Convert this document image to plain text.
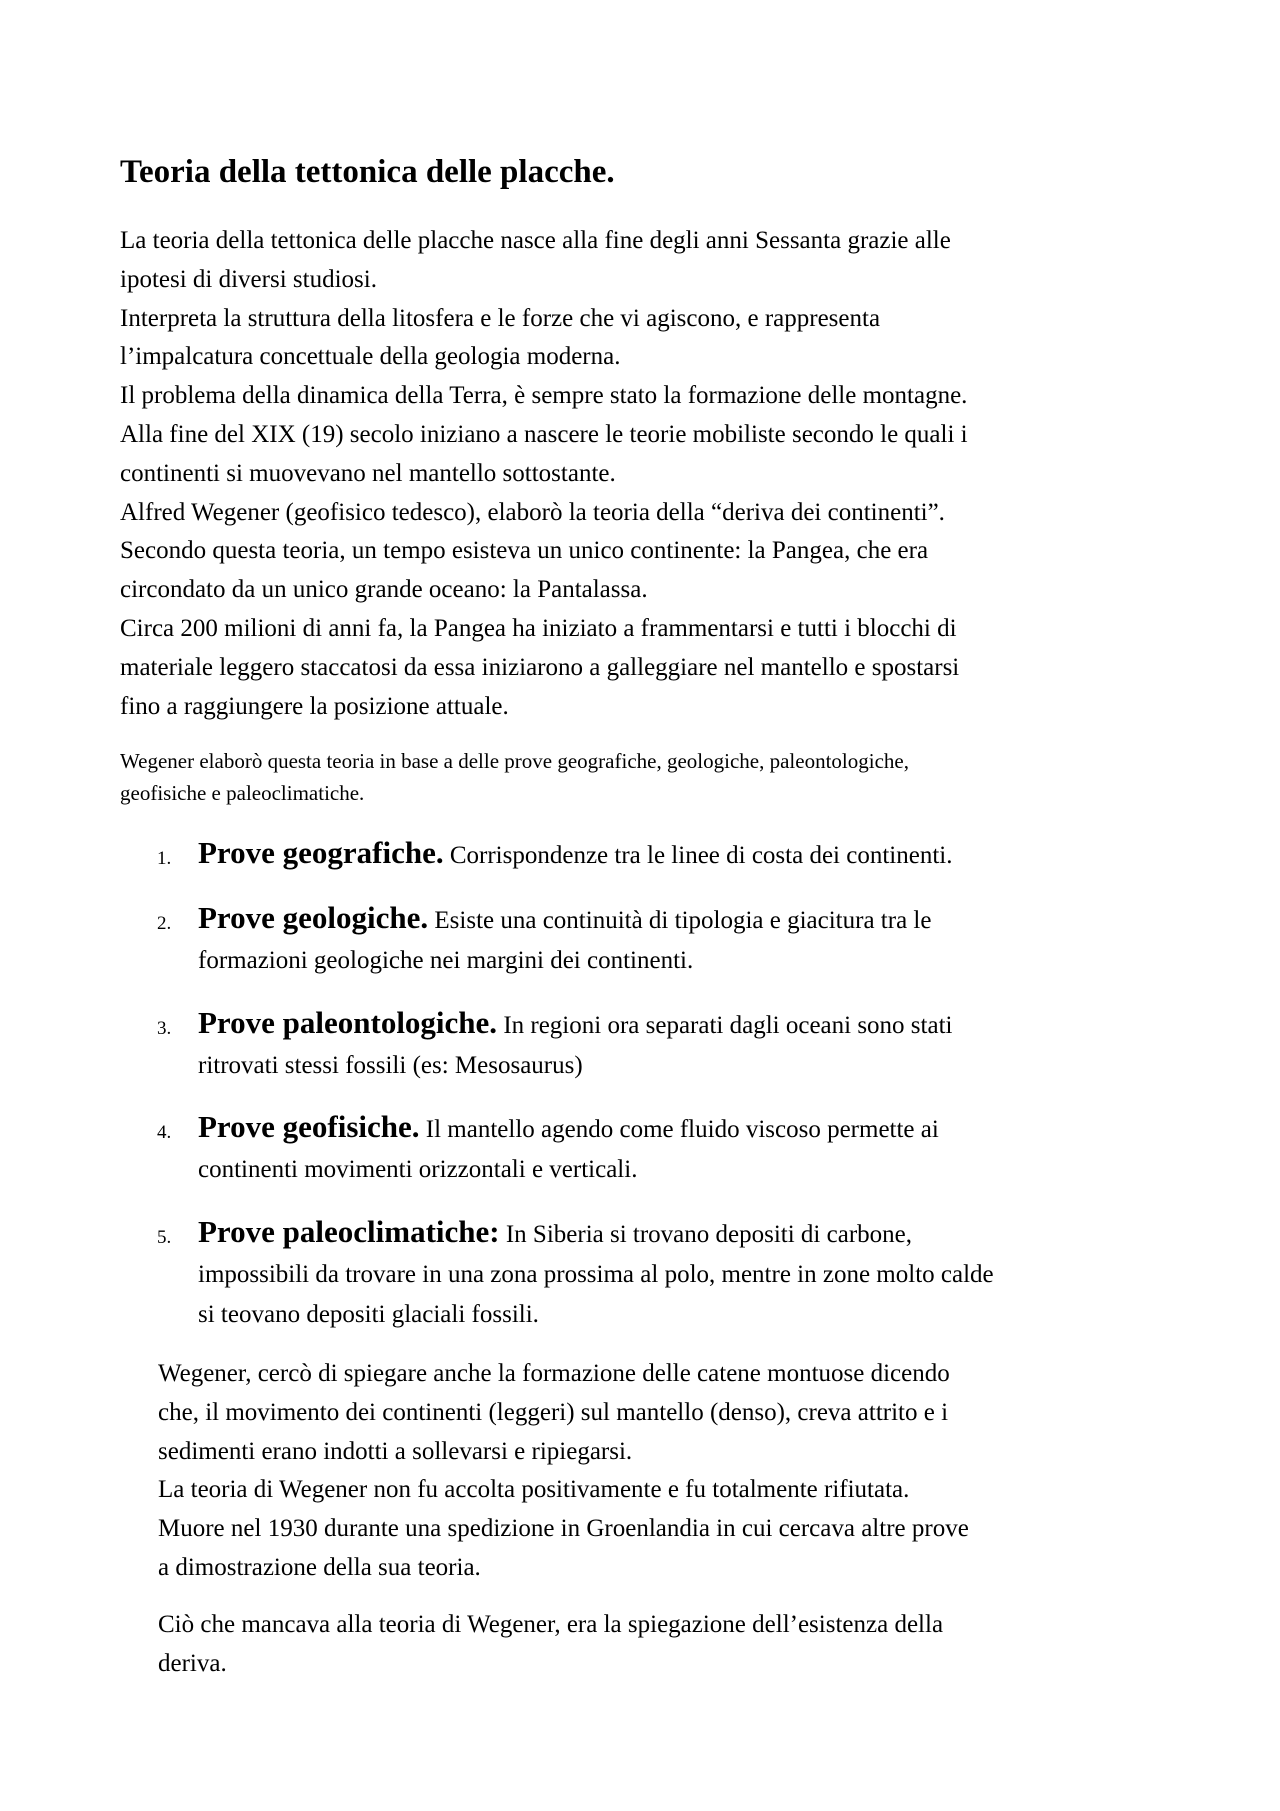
Teoria della tettonica delle placche.
La teoria della tettonica delle placche nasce alla fine degli anni Sessanta grazie alle
ipotesi di diversi studiosi.
Interpreta la struttura della litosfera e le forze che vi agiscono, e rappresenta
l’impalcatura concettuale della geologia moderna.
Il problema della dinamica della Terra, è sempre stato la formazione delle montagne.
Alla fine del XIX (19) secolo iniziano a nascere le teorie mobiliste secondo le quali i
continenti si muovevano nel mantello sottostante.
Alfred Wegener (geofisico tedesco), elaborò la teoria della “deriva dei continenti”.
Secondo questa teoria, un tempo esisteva un unico continente: la Pangea, che era
circondato da un unico grande oceano: la Pantalassa.
Circa 200 milioni di anni fa, la Pangea ha iniziato a frammentarsi e tutti i blocchi di
materiale leggero staccatosi da essa iniziarono a galleggiare nel mantello e spostarsi
fino a raggiungere la posizione attuale.
Wegener elaborò questa teoria in base a delle prove geografiche, geologiche, paleontologiche,
geofisiche e paleoclimatiche.
1. Prove geografiche. Corrispondenze tra le linee di costa dei continenti.
2. Prove geologiche. Esiste una continuità di tipologia e giacitura tra le
formazioni geologiche nei margini dei continenti.
3. Prove paleontologiche. In regioni ora separati dagli oceani sono stati
ritrovati stessi fossili (es: Mesosaurus)
4. Prove geofisiche. Il mantello agendo come fluido viscoso permette ai
continenti movimenti orizzontali e verticali.
5. Prove paleoclimatiche: In Siberia si trovano depositi di carbone,
impossibili da trovare in una zona prossima al polo, mentre in zone molto calde
si teovano depositi glaciali fossili.
Wegener, cercò di spiegare anche la formazione delle catene montuose dicendo
che, il movimento dei continenti (leggeri) sul mantello (denso), creva attrito e i
sedimenti erano indotti a sollevarsi e ripiegarsi.
La teoria di Wegener non fu accolta positivamente e fu totalmente rifiutata.
Muore nel 1930 durante una spedizione in Groenlandia in cui cercava altre prove
a dimostrazione della sua teoria.
Ciò che mancava alla teoria di Wegener, era la spiegazione dell’esistenza della
deriva.
